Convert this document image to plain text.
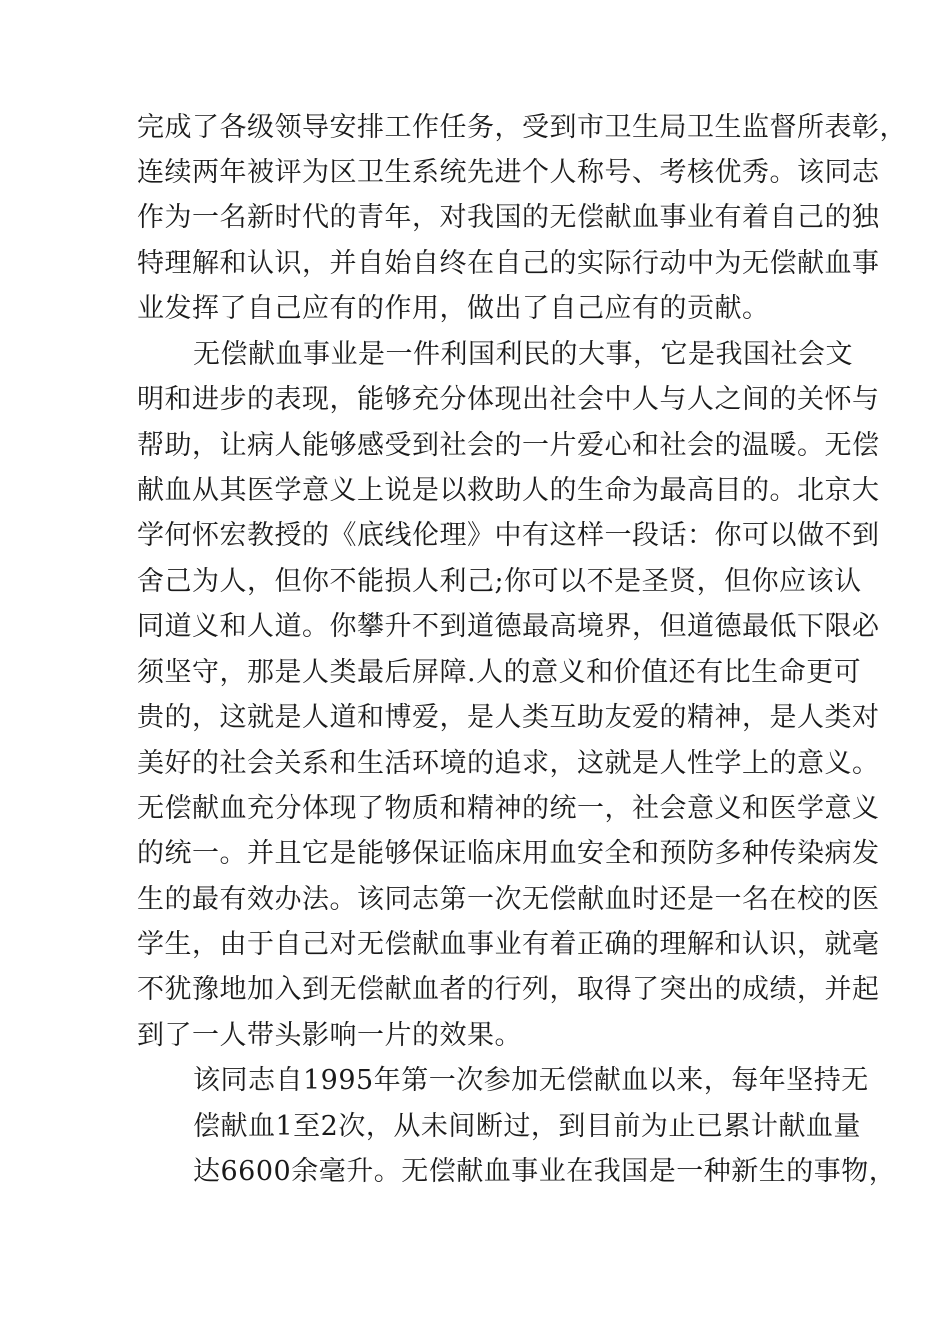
完成了各级领导安排工作任务，受到市卫生局卫生监督所表彰，
连续两年被评为区卫生系统先进个人称号、考核优秀。该同志
作为一名新时代的青年，对我国的无偿献血事业有着自己的独
特理解和认识，并自始自终在自己的实际行动中为无偿献血事
业发挥了自己应有的作用，做出了自己应有的贡献。
无偿献血事业是一件利国利民的大事，它是我国社会文
明和进步的表现，能够充分体现出社会中人与人之间的关怀与
帮助，让病人能够感受到社会的一片爱心和社会的温暖。无偿
献血从其医学意义上说是以救助人的生命为最高目的。北京大
学何怀宏教授的《底线伦理》中有这样一段话：你可以做不到
舍己为人，但你不能损人利己;你可以不是圣贤，但你应该认
同道义和人道。你攀升不到道德最高境界，但道德最低下限必
须坚守，那是人类最后屏障.人的意义和价值还有比生命更可
贵的，这就是人道和博爱，是人类互助友爱的精神，是人类对
美好的社会关系和生活环境的追求，这就是人性学上的意义。
无偿献血充分体现了物质和精神的统一，社会意义和医学意义
的统一。并且它是能够保证临床用血安全和预防多种传染病发
生的最有效办法。该同志第一次无偿献血时还是一名在校的医
学生，由于自己对无偿献血事业有着正确的理解和认识，就毫
不犹豫地加入到无偿献血者的行列，取得了突出的成绩，并起
到了一人带头影响一片的效果。
该同志自1995年第一次参加无偿献血以来，每年坚持无
偿献血1至2次，从未间断过，到目前为止已累计献血量
达6600余毫升。无偿献血事业在我国是一种新生的事物，
